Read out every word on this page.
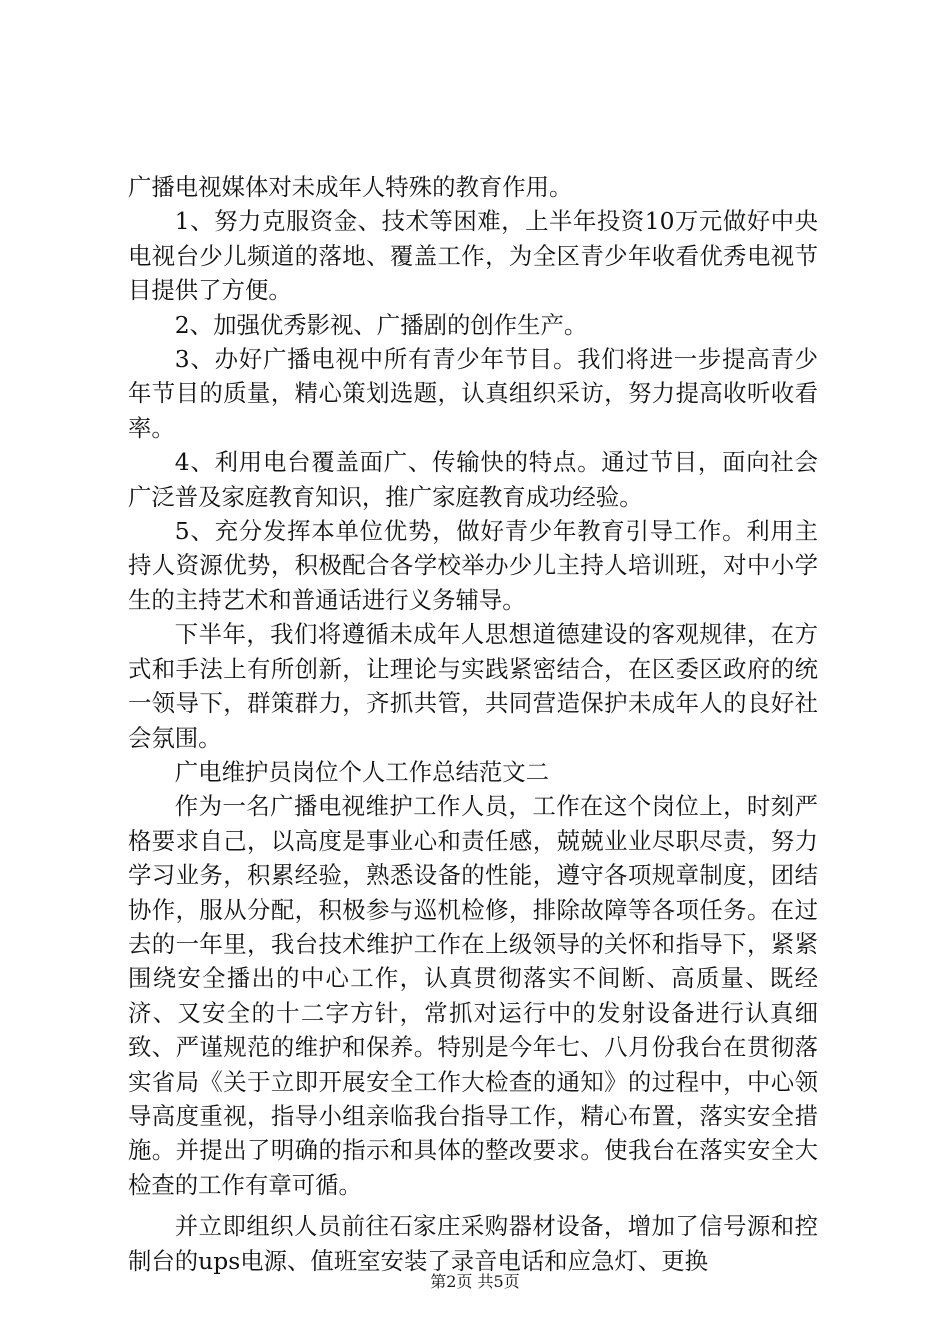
广播电视媒体对未成年人特殊的教育作用。

1、努力克服资金、技术等困难，上半年投资10万元做好中央电视台少儿频道的落地、覆盖工作，为全区青少年收看优秀电视节目提供了方便。

2、加强优秀影视、广播剧的创作生产。

3、办好广播电视中所有青少年节目。我们将进一步提高青少年节目的质量，精心策划选题，认真组织采访，努力提高收听收看率。

4、利用电台覆盖面广、传输快的特点。通过节目，面向社会广泛普及家庭教育知识，推广家庭教育成功经验。

5、充分发挥本单位优势，做好青少年教育引导工作。利用主持人资源优势，积极配合各学校举办少儿主持人培训班，对中小学生的主持艺术和普通话进行义务辅导。

下半年，我们将遵循未成年人思想道德建设的客观规律，在方式和手法上有所创新，让理论与实践紧密结合，在区委区政府的统一领导下，群策群力，齐抓共管，共同营造保护未成年人的良好社会氛围。

广电维护员岗位个人工作总结范文二

作为一名广播电视维护工作人员，工作在这个岗位上，时刻严格要求自己，以高度是事业心和责任感，兢兢业业尽职尽责，努力学习业务，积累经验，熟悉设备的性能，遵守各项规章制度，团结协作，服从分配，积极参与巡机检修，排除故障等各项任务。在过去的一年里，我台技术维护工作在上级领导的关怀和指导下，紧紧围绕安全播出的中心工作，认真贯彻落实不间断、高质量、既经济、又安全的十二字方针，常抓对运行中的发射设备进行认真细致、严谨规范的维护和保养。特别是今年七、八月份我台在贯彻落实省局《关于立即开展安全工作大检查的通知》的过程中，中心领导高度重视，指导小组亲临我台指导工作，精心布置，落实安全措施。并提出了明确的指示和具体的整改要求。使我台在落实安全大检查的工作有章可循。

并立即组织人员前往石家庄采购器材设备，增加了信号源和控制台的ups电源、值班室安装了录音电话和应急灯、更换

第2页 共5页
